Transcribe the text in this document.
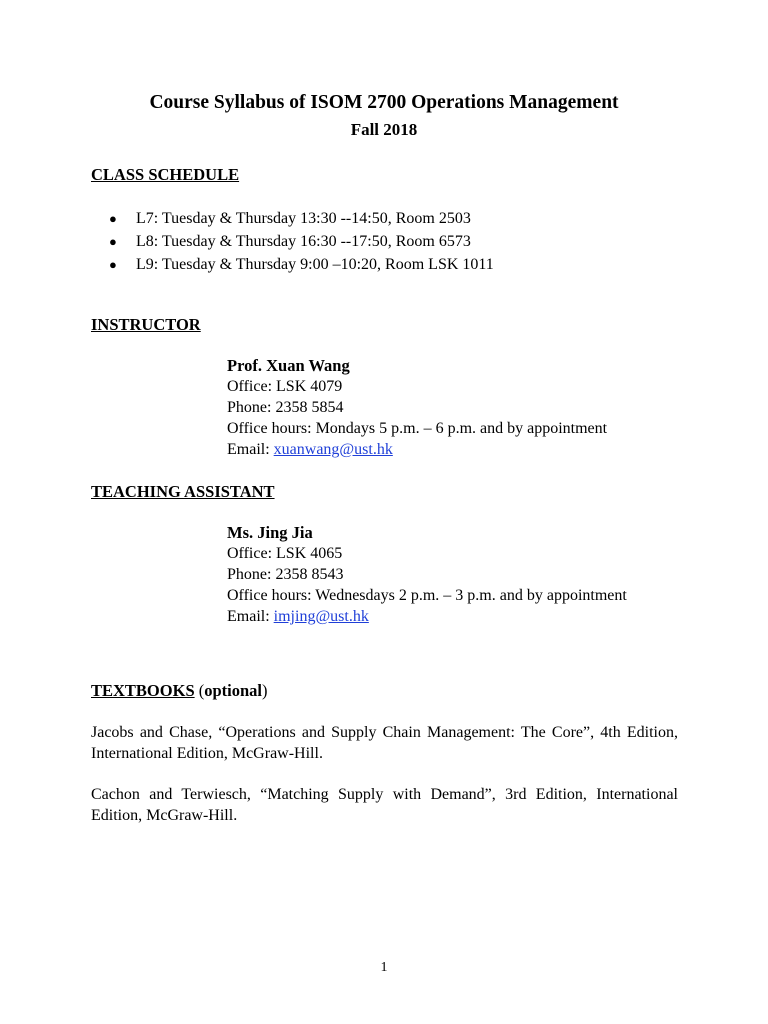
Course Syllabus of ISOM 2700 Operations Management
Fall 2018
CLASS SCHEDULE
● L7: Tuesday & Thursday 13:30 --14:50, Room 2503
● L8: Tuesday & Thursday 16:30 --17:50, Room 6573
● L9: Tuesday & Thursday 9:00 –10:20, Room LSK 1011
INSTRUCTOR
Prof. Xuan Wang
Office: LSK 4079
Phone: 2358 5854
Office hours: Mondays 5 p.m. – 6 p.m. and by appointment
Email: xuanwang@ust.hk
TEACHING ASSISTANT
Ms. Jing Jia
Office: LSK 4065
Phone: 2358 8543
Office hours: Wednesdays 2 p.m. – 3 p.m. and by appointment
Email: imjing@ust.hk
TEXTBOOKS (optional)
Jacobs and Chase, “Operations and Supply Chain Management: The Core”, 4th Edition, International Edition, McGraw-Hill.
Cachon and Terwiesch, “Matching Supply with Demand”, 3rd Edition, International Edition, McGraw-Hill.
1
